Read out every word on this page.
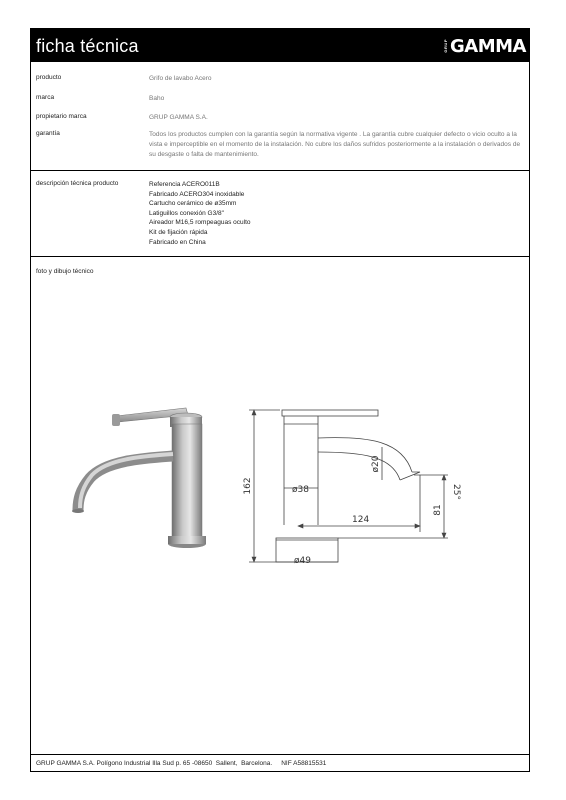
ficha técnica	GRUP GAMMA
producto	Grifo de lavabo Acero
marca	Baho
propietario marca	GRUP GAMMA S.A.
garantía	Todos los productos cumplen con la garantía según la normativa vigente . La garantía cubre cualquier defecto o vicio oculto a la vista e imperceptible en el momento de la instalación. No cubre los daños sufridos posteriormente a la instalación o derivados de su desgaste o falta de mantenimiento.
descripción técnica producto	Referencia ACERO011B
Fabricado ACERO304 inoxidable
Cartucho cerámico de ø35mm
Latiguillos conexión G3/8"
Aireador M16,5 rompeaguas oculto
Kit de fijación rápida
Fabricado en China
foto y dibujo técnico
GRUP GAMMA S.A. Polígono Industrial Illa Sud p. 65 -08650  Sallent,  Barcelona.     NIF A58815531
162	ø38
ø20
124
81
25°
ø49
